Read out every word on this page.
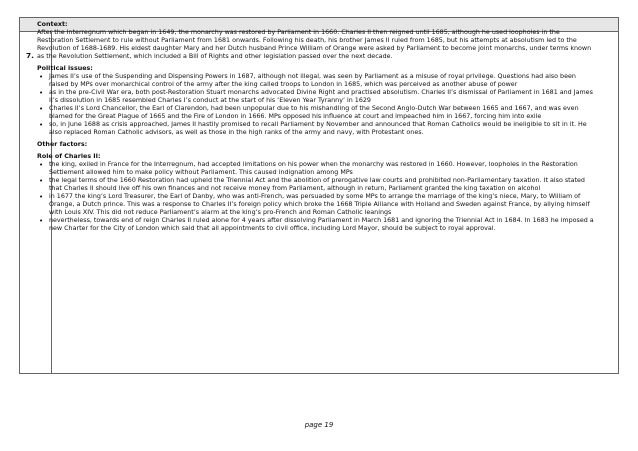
7.
Context:

After the Interregnum which began in 1649, the monarchy was restored by Parliament in 1660. Charles II then reigned until 1685, although he used loopholes in the Restoration Settlement to rule without Parliament from 1681 onwards. Following his death, his brother James II ruled from 1685, but his attempts at absolutism led to the Revolution of 1688-1689. His eldest daughter Mary and her Dutch husband Prince William of Orange were asked by Parliament to become joint monarchs, under terms known as the Revolution Settlement, which included a Bill of Rights and other legislation passed over the next decade.

Political issues:
• James II’s use of the Suspending and Dispensing Powers in 1687, although not illegal, was seen by Parliament as a misuse of royal privilege. Questions had also been raised by MPs over monarchical control of the army after the king called troops to London in 1685, which was perceived as another abuse of power
• as in the pre-Civil War era, both post-Restoration Stuart monarchs advocated Divine Right and practised absolutism. Charles II’s dismissal of Parliament in 1681 and James II’s dissolution in 1685 resembled Charles I’s conduct at the start of his ‘Eleven Year Tyranny’ in 1629
• Charles II’s Lord Chancellor, the Earl of Clarendon, had been unpopular due to his mishandling of the Second Anglo-Dutch War between 1665 and 1667, and was even blamed for the Great Plague of 1665 and the Fire of London in 1666. MPs opposed his influence at court and impeached him in 1667, forcing him into exile
• so, in June 1688 as crisis approached, James II hastily promised to recall Parliament by November and announced that Roman Catholics would be ineligible to sit in it. He also replaced Roman Catholic advisors, as well as those in the high ranks of the army and navy, with Protestant ones.
Other factors:
Role of Charles II:
• the king, exiled in France for the Interregnum, had accepted limitations on his power when the monarchy was restored in 1660. However, loopholes in the Restoration Settlement allowed him to make policy without Parliament. This caused indignation among MPs
• the legal terms of the 1660 Restoration had upheld the Triennial Act and the abolition of prerogative law courts and prohibited non-Parliamentary taxation. It also stated that Charles II should live off his own finances and not receive money from Parliament, although in return, Parliament granted the king taxation on alcohol
• in 1677 the king’s Lord Treasurer, the Earl of Danby, who was anti-French, was persuaded by some MPs to arrange the marriage of the king’s niece, Mary, to William of Orange, a Dutch prince. This was a response to Charles II’s foreign policy which broke the 1668 Triple Alliance with Holland and Sweden against France, by allying himself with Louis XIV. This did not reduce Parliament’s alarm at the king’s pro-French and Roman Catholic leanings
• nevertheless, towards end of reign Charles II ruled alone for 4 years after dissolving Parliament in March 1681 and ignoring the Triennial Act in 1684. In 1683 he imposed a new Charter for the City of London which said that all appointments to civil office, including Lord Mayor, should be subject to royal approval.
page 19
